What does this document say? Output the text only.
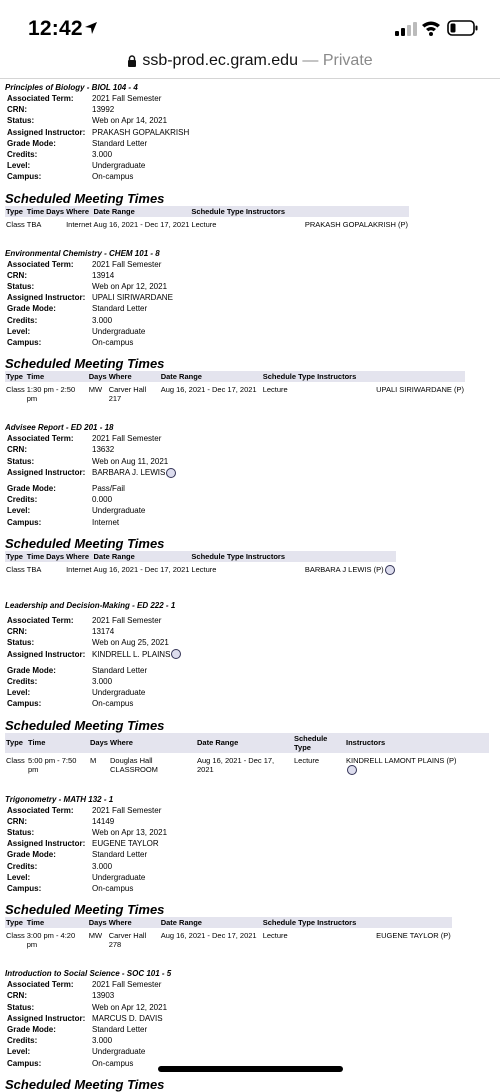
12:42
ssb-prod.ec.gram.edu — Private
Principles of Biology - BIOL 104 - 4
Associated Term:	2021 Fall Semester
CRN:	13992
Status:	Web on Apr 14, 2021
Assigned Instructor:	PRAKASH GOPALAKRISH
Grade Mode:	Standard Letter
Credits:	3.000
Level:	Undergraduate
Campus:	On-campus
Scheduled Meeting Times
Type	Time	Days	Where	Date Range	Schedule Type	Instructors
Class	TBA		Internet	Aug 16, 2021 - Dec 17, 2021	Lecture	PRAKASH GOPALAKRISH (P)
Environmental Chemistry - CHEM 101 - 8
Associated Term:	2021 Fall Semester
CRN:	13914
Status:	Web on Apr 12, 2021
Assigned Instructor:	UPALI SIRIWARDANE
Grade Mode:	Standard Letter
Credits:	3.000
Level:	Undergraduate
Campus:	On-campus
Scheduled Meeting Times
Type	Time	Days	Where	Date Range	Schedule Type	Instructors
Class	1:30 pm - 2:50 pm	MW	Carver Hall 217	Aug 16, 2021 - Dec 17, 2021	Lecture	UPALI SIRIWARDANE (P)
Advisee Report - ED 201 - 18
Associated Term:	2021 Fall Semester
CRN:	13632
Status:	Web on Aug 11, 2021
Assigned Instructor:	BARBARA J. LEWIS

Grade Mode:	Pass/Fail
Credits:	0.000
Level:	Undergraduate
Campus:	Internet
Scheduled Meeting Times
Type	Time	Days	Where	Date Range	Schedule Type	Instructors
Class	TBA		Internet	Aug 16, 2021 - Dec 17, 2021	Lecture	BARBARA J LEWIS (P)
Leadership and Decision-Making - ED 222 - 1
Associated Term:	2021 Fall Semester
CRN:	13174
Status:	Web on Aug 25, 2021
Assigned Instructor:	KINDRELL L. PLAINS

Grade Mode:	Standard Letter
Credits:	3.000
Level:	Undergraduate
Campus:	On-campus
Scheduled Meeting Times
Type	Time	Days	Where	Date Range	Schedule Type	Instructors
Class	5:00 pm - 7:50 pm	M	Douglas Hall CLASSROOM	Aug 16, 2021 - Dec 17, 2021	Lecture	KINDRELL LAMONT PLAINS (P)

Trigonometry - MATH 132 - 1
Associated Term:	2021 Fall Semester
CRN:	14149
Status:	Web on Apr 13, 2021
Assigned Instructor:	EUGENE TAYLOR
Grade Mode:	Standard Letter
Credits:	3.000
Level:	Undergraduate
Campus:	On-campus
Scheduled Meeting Times
Type	Time	Days	Where	Date Range	Schedule Type	Instructors
Class	3:00 pm - 4:20 pm	MW	Carver Hall 278	Aug 16, 2021 - Dec 17, 2021	Lecture	EUGENE TAYLOR (P)
Introduction to Social Science - SOC 101 - 5
Associated Term:	2021 Fall Semester
CRN:	13903
Status:	Web on Apr 12, 2021
Assigned Instructor:	MARCUS D. DAVIS
Grade Mode:	Standard Letter
Credits:	3.000
Level:	Undergraduate
Campus:	On-campus
Scheduled Meeting Times
